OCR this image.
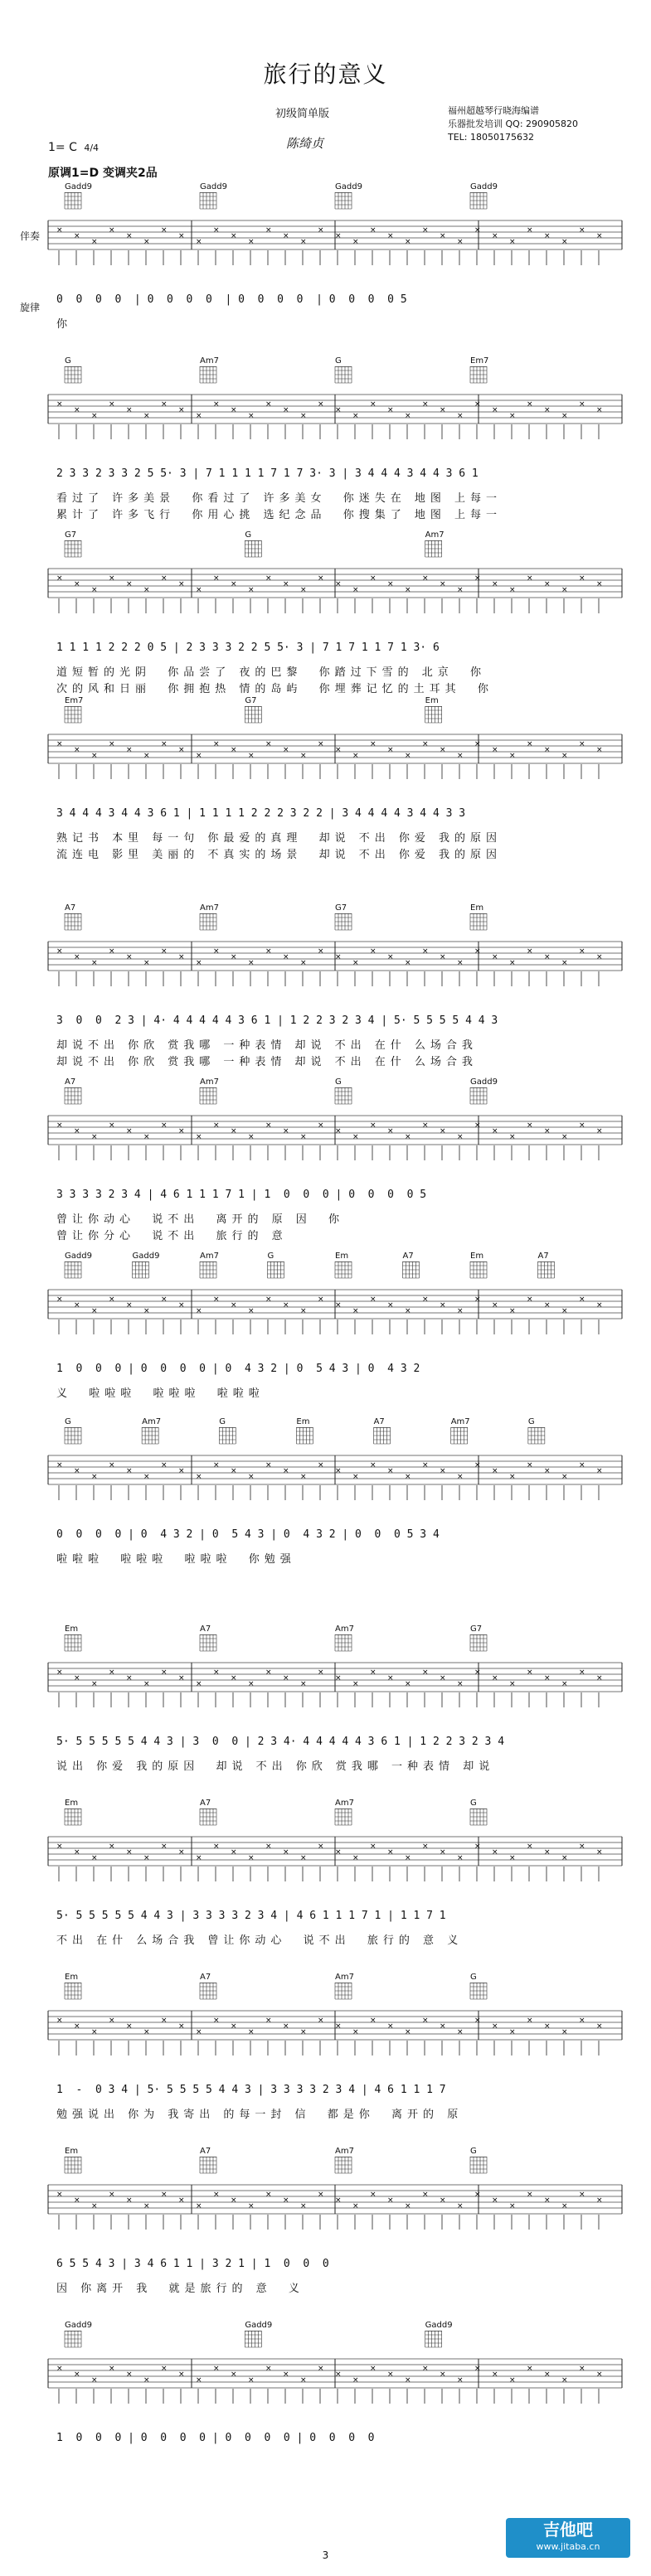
旅行的意义
初级简单版
陈绮贞
福州超越琴行晓海编谱
乐器批发培训 QQ: 290905820
TEL: 18050175632
1= C 4/4
原调1=D 变调夹2品
伴奏
旋律
Gadd9	Gadd9	Gadd9	Gadd9
×
×
×
×
×
×
×
×
×
×
×
×
×
×
×
×
×
×
×
×
×
×
×
×
×
×
×
×
×
×
×
×
0  0  0  0  | 0  0  0  0  | 0  0  0  0  | 0  0  0  0 5
你
G	Am7	G	Em7
×
×
×
×
×
×
×
×
×
×
×
×
×
×
×
×
×
×
×
×
×
×
×
×
×
×
×
×
×
×
×
×
2 3 3 2 3 3 2 5 5· 3 | 7 1 1 1 1 7 1 7 3· 3 | 3 4 4 4 3 4 4 3 6 1
看过了 许多美景  你看过了 许多美女  你迷失在 地图 上每一
累计了 许多飞行  你用心挑 选纪念品  你搜集了 地图 上每一
G7	G	Am7
×
×
×
×
×
×
×
×
×
×
×
×
×
×
×
×
×
×
×
×
×
×
×
×
×
×
×
×
×
×
×
×
1 1 1 1 2 2 2 0 5 | 2 3 3 3 2 2 5 5· 3 | 7 1 7 1 1 7 1 3· 6
道短暂的光阴  你品尝了 夜的巴黎  你踏过下雪的 北京  你
次的风和日丽  你拥抱热 情的岛屿  你埋葬记忆的土耳其  你
Em7	G7	Em
×
×
×
×
×
×
×
×
×
×
×
×
×
×
×
×
×
×
×
×
×
×
×
×
×
×
×
×
×
×
×
×
3 4 4 4 3 4 4 3 6 1 | 1 1 1 1 2 2 2 3 2 2 | 3 4 4 4 4 3 4 4 3 3
熟记书 本里 每一句 你最爱的真理  却说 不出 你爱 我的原因
流连电 影里 美丽的 不真实的场景  却说 不出 你爱 我的原因
A7	Am7	G7	Em
×
×
×
×
×
×
×
×
×
×
×
×
×
×
×
×
×
×
×
×
×
×
×
×
×
×
×
×
×
×
×
×
3  0  0  2 3 | 4· 4 4 4 4 4 3 6 1 | 1 2 2 3 2 3 4 | 5· 5 5 5 5 4 4 3
却说不出 你欣 赏我哪 一种表情 却说 不出 在什 么场合我
却说不出 你欣 赏我哪 一种表情 却说 不出 在什 么场合我
A7	Am7	G	Gadd9
×
×
×
×
×
×
×
×
×
×
×
×
×
×
×
×
×
×
×
×
×
×
×
×
×
×
×
×
×
×
×
×
3 3 3 3 2 3 4 | 4 6 1 1 1 7 1 | 1  0  0  0 | 0  0  0  0 5
曾让你动心  说不出  离开的 原 因  你
曾让你分心  说不出  旅行的 意
Gadd9	Gadd9	Am7	G	Em	A7	Em	A7
×
×
×
×
×
×
×
×
×
×
×
×
×
×
×
×
×
×
×
×
×
×
×
×
×
×
×
×
×
×
×
×
1  0  0  0 | 0  0  0  0 | 0  4 3 2 | 0  5 4 3 | 0  4 3 2
义  啦啦啦  啦啦啦  啦啦啦
G	Am7	G	Em	A7	Am7	G
×
×
×
×
×
×
×
×
×
×
×
×
×
×
×
×
×
×
×
×
×
×
×
×
×
×
×
×
×
×
×
×
0  0  0  0 | 0  4 3 2 | 0  5 4 3 | 0  4 3 2 | 0  0  0 5 3 4
啦啦啦  啦啦啦  啦啦啦  你勉强
Em	A7	Am7	G7
×
×
×
×
×
×
×
×
×
×
×
×
×
×
×
×
×
×
×
×
×
×
×
×
×
×
×
×
×
×
×
×
5· 5 5 5 5 5 4 4 3 | 3  0  0 | 2 3 4· 4 4 4 4 4 3 6 1 | 1 2 2 3 2 3 4
说出 你爱 我的原因  却说 不出 你欣 赏我哪 一种表情 却说
Em	A7	Am7	G
×
×
×
×
×
×
×
×
×
×
×
×
×
×
×
×
×
×
×
×
×
×
×
×
×
×
×
×
×
×
×
×
5· 5 5 5 5 5 4 4 3 | 3 3 3 3 2 3 4 | 4 6 1 1 1 7 1 | 1 1 7 1
不出 在什 么场合我 曾让你动心  说不出  旅行的 意 义
Em	A7	Am7	G
×
×
×
×
×
×
×
×
×
×
×
×
×
×
×
×
×
×
×
×
×
×
×
×
×
×
×
×
×
×
×
×
1  -  0 3 4 | 5· 5 5 5 5 4 4 3 | 3 3 3 3 2 3 4 | 4 6 1 1 1 7
勉强说出 你为 我寄出 的每一封 信  都是你  离开的 原
Em	A7	Am7	G
×
×
×
×
×
×
×
×
×
×
×
×
×
×
×
×
×
×
×
×
×
×
×
×
×
×
×
×
×
×
×
×
6 5 5 4 3 | 3 4 6 1 1 | 3 2 1 | 1  0  0  0
因 你离开 我  就是旅行的 意  义
Gadd9	Gadd9	Gadd9
×
×
×
×
×
×
×
×
×
×
×
×
×
×
×
×
×
×
×
×
×
×
×
×
×
×
×
×
×
×
×
×
1  0  0  0 | 0  0  0  0 | 0  0  0  0 | 0  0  0  0
3
吉他吧
www.jitaba.cn
